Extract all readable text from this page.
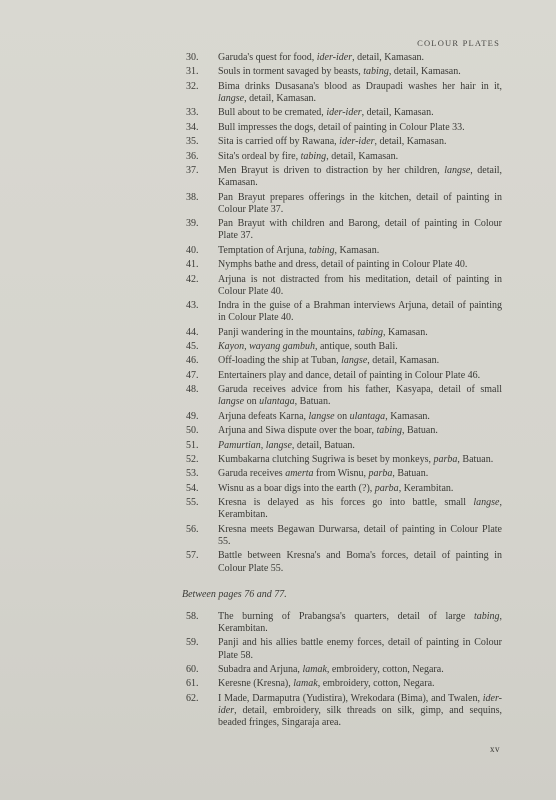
COLOUR PLATES
30.	Garuda's quest for food, ider-ider, detail, Kamasan.
31.	Souls in torment savaged by beasts, tabing, detail, Kamasan.
32.	Bima drinks Dusasana's blood as Draupadi washes her hair in it, langse, detail, Kamasan.
33.	Bull about to be cremated, ider-ider, detail, Kamasan.
34.	Bull impresses the dogs, detail of painting in Colour Plate 33.
35.	Sita is carried off by Rawana, ider-ider, detail, Kamasan.
36.	Sita's ordeal by fire, tabing, detail, Kamasan.
37.	Men Brayut is driven to distraction by her children, langse, detail, Kamasan.
38.	Pan Brayut prepares offerings in the kitchen, detail of painting in Colour Plate 37.
39.	Pan Brayut with children and Barong, detail of painting in Colour Plate 37.
40.	Temptation of Arjuna, tabing, Kamasan.
41.	Nymphs bathe and dress, detail of painting in Colour Plate 40.
42.	Arjuna is not distracted from his meditation, detail of painting in Colour Plate 40.
43.	Indra in the guise of a Brahman interviews Arjuna, detail of painting in Colour Plate 40.
44.	Panji wandering in the mountains, tabing, Kamasan.
45.	Kayon, wayang gambuh, antique, south Bali.
46.	Off-loading the ship at Tuban, langse, detail, Kamasan.
47.	Entertainers play and dance, detail of painting in Colour Plate 46.
48.	Garuda receives advice from his father, Kasyapa, detail of small langse on ulantaga, Batuan.
49.	Arjuna defeats Karna, langse on ulantaga, Kamasan.
50.	Arjuna and Siwa dispute over the boar, tabing, Batuan.
51.	Pamurtian, langse, detail, Batuan.
52.	Kumbakarna clutching Sugriwa is beset by monkeys, parba, Batuan.
53.	Garuda receives amerta from Wisnu, parba, Batuan.
54.	Wisnu as a boar digs into the earth (?), parba, Kerambitan.
55.	Kresna is delayed as his forces go into battle, small langse, Kerambitan.
56.	Kresna meets Begawan Durwarsa, detail of painting in Colour Plate 55.
57.	Battle between Kresna's and Boma's forces, detail of painting in Colour Plate 55.
Between pages 76 and 77.
58.	The burning of Prabangsa's quarters, detail of large tabing, Kerambitan.
59.	Panji and his allies battle enemy forces, detail of painting in Colour Plate 58.
60.	Subadra and Arjuna, lamak, embroidery, cotton, Negara.
61.	Keresne (Kresna), lamak, embroidery, cotton, Negara.
62.	I Made, Darmaputra (Yudistira), Wrekodara (Bima), and Twalen, ider-ider, detail, embroidery, silk threads on silk, gimp, and sequins, beaded fringes, Singaraja area.
xv
